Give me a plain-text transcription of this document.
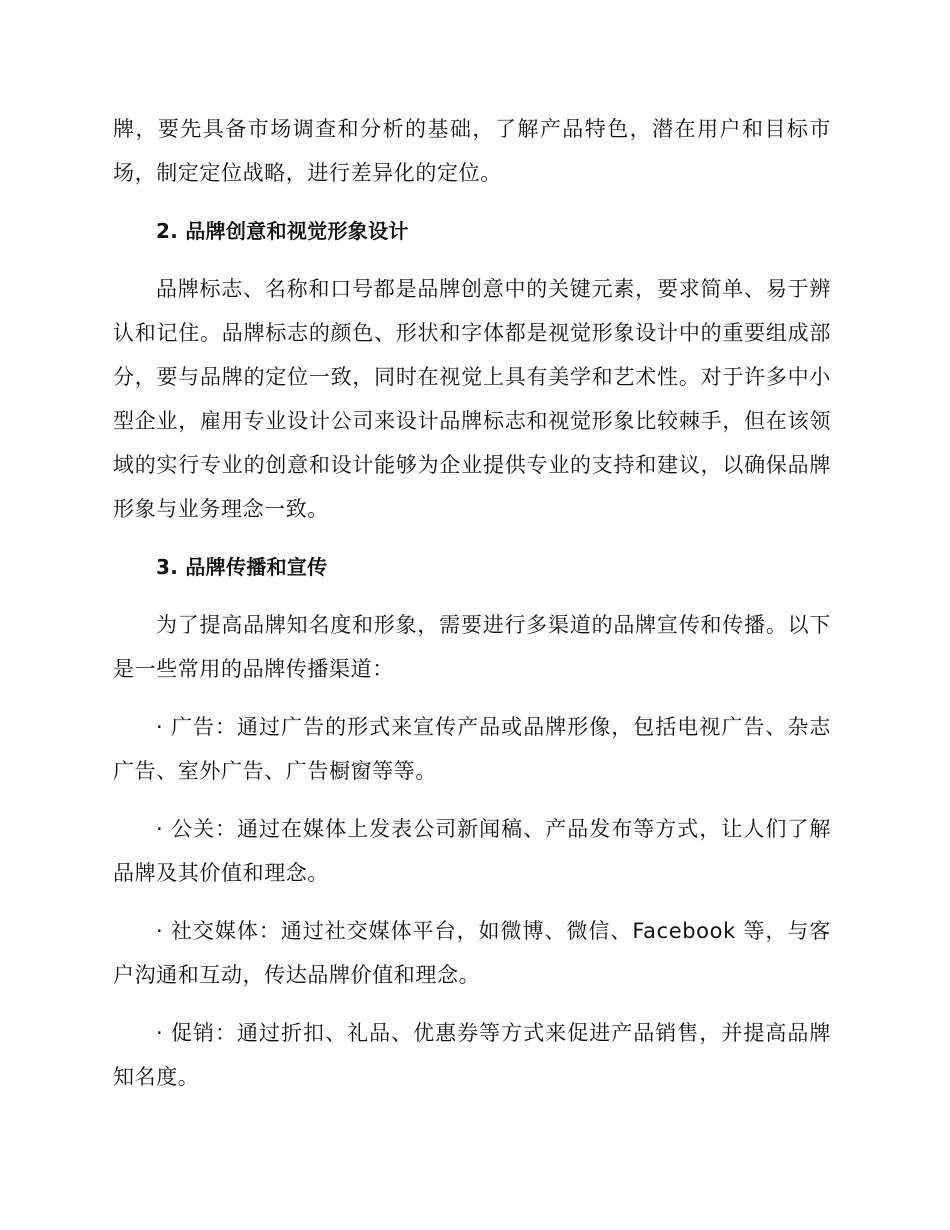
牌，要先具备市场调查和分析的基础，了解产品特色，潜在用户和目标市场，制定定位战略，进行差异化的定位。

2. 品牌创意和视觉形象设计

品牌标志、名称和口号都是品牌创意中的关键元素，要求简单、易于辨认和记住。品牌标志的颜色、形状和字体都是视觉形象设计中的重要组成部分，要与品牌的定位一致，同时在视觉上具有美学和艺术性。对于许多中小型企业，雇用专业设计公司来设计品牌标志和视觉形象比较棘手，但在该领域的实行专业的创意和设计能够为企业提供专业的支持和建议，以确保品牌形象与业务理念一致。

3. 品牌传播和宣传

为了提高品牌知名度和形象，需要进行多渠道的品牌宣传和传播。以下是一些常用的品牌传播渠道：

· 广告：通过广告的形式来宣传产品或品牌形像，包括电视广告、杂志广告、室外广告、广告橱窗等等。

· 公关：通过在媒体上发表公司新闻稿、产品发布等方式，让人们了解品牌及其价值和理念。

· 社交媒体：通过社交媒体平台，如微博、微信、Facebook 等，与客户沟通和互动，传达品牌价值和理念。

· 促销：通过折扣、礼品、优惠券等方式来促进产品销售，并提高品牌知名度。
